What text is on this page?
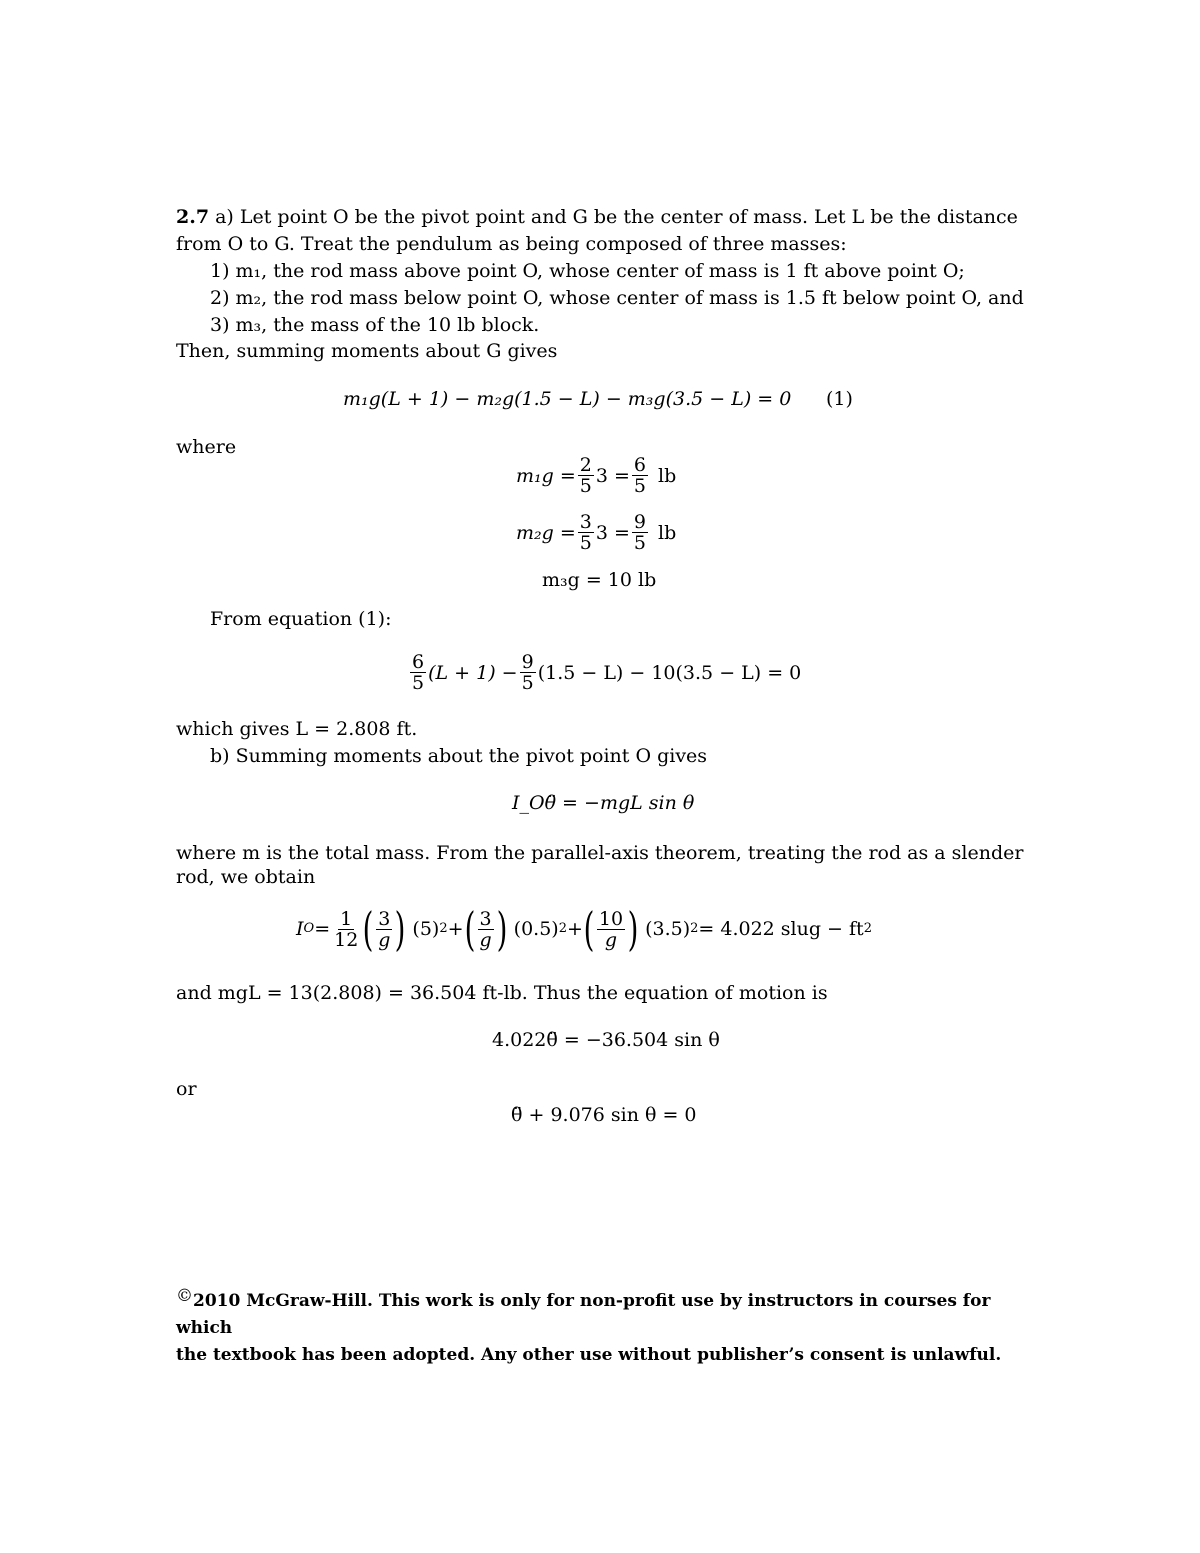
2.7 a) Let point O be the pivot point and G be the center of mass. Let L be the distance
from O to G. Treat the pendulum as being composed of three masses:
1) m₁, the rod mass above point O, whose center of mass is 1 ft above point O;
2) m₂, the rod mass below point O, whose center of mass is 1.5 ft below point O, and
3) m₃, the mass of the 10 lb block.
Then, summing moments about G gives
m₁g(L + 1) − m₂g(1.5 − L) − m₃g(3.5 − L) = 0 (1)
where
$m_1g = \frac{2}{5} 3 = \frac{6}{5}$ lb
$m_2g = \frac{3}{5} 3 = \frac{9}{5}$ lb
m₃g = 10 lb
From equation (1):
$\frac{6}{5} (L + 1) - \frac{9}{5} (1.5 - L) - 10(3.5 - L) = 0$
which gives L = 2.808 ft.
b) Summing moments about the pivot point O gives
I_Oθ̈ = −mgL sin θ
where m is the total mass. From the parallel-axis theorem, treating the rod as a slender
rod, we obtain
I $O = \frac{1}{12}$ ( $\frac{3}{g}$ )
(5) 2 + ( $\frac{3}{g}$ )
(0.5) 2 + ( $\frac{10}{g}$ )
(3.5) 2 = 4.022 slug − ft 2
and mgL = 13(2.808) = 36.504 ft-lb. Thus the equation of motion is
4.022θ̈ = −36.504 sin θ
or
θ̈ + 9.076 sin θ = 0
©2010 McGraw-Hill. This work is only for non-profit use by instructors in courses for which
the textbook has been adopted. Any other use without publisher’s consent is unlawful.
